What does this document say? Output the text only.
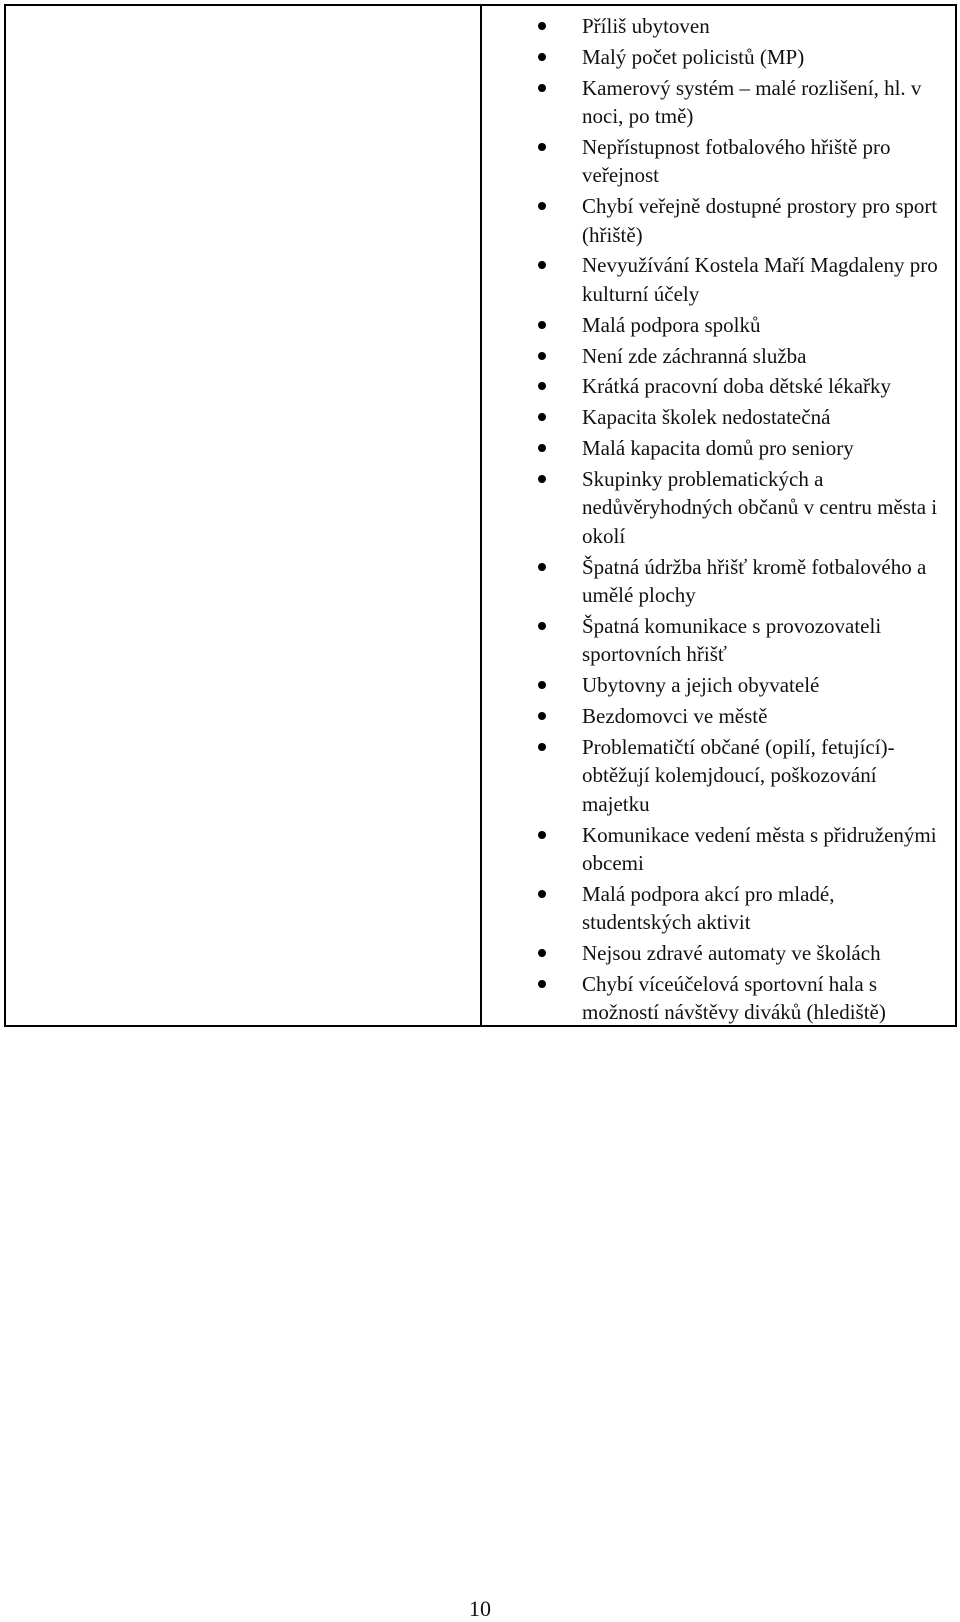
Příliš ubytoven
Malý počet policistů (MP)
Kamerový systém – malé rozlišení, hl. v noci, po tmě)
Nepřístupnost fotbalového hřiště pro veřejnost
Chybí veřejně dostupné prostory pro sport (hřiště)
Nevyužívání Kostela Maří Magdaleny pro kulturní účely
Malá podpora spolků
Není zde záchranná služba
Krátká pracovní doba dětské lékařky
Kapacita školek nedostatečná
Malá kapacita domů pro seniory
Skupinky problematických a nedůvěryhodných občanů v centru města i okolí
Špatná údržba hřišť kromě fotbalového a umělé plochy
Špatná komunikace s provozovateli sportovních hřišť
Ubytovny a jejich obyvatelé
Bezdomovci ve městě
Problematičtí občané (opilí, fetující)- obtěžují kolemjdoucí, poškozování majetku
Komunikace vedení města s přidruženými obcemi
Malá podpora akcí pro mladé, studentských aktivit
Nejsou zdravé automaty ve školách
Chybí víceúčelová sportovní hala s možností návštěvy diváků (hlediště)
10
